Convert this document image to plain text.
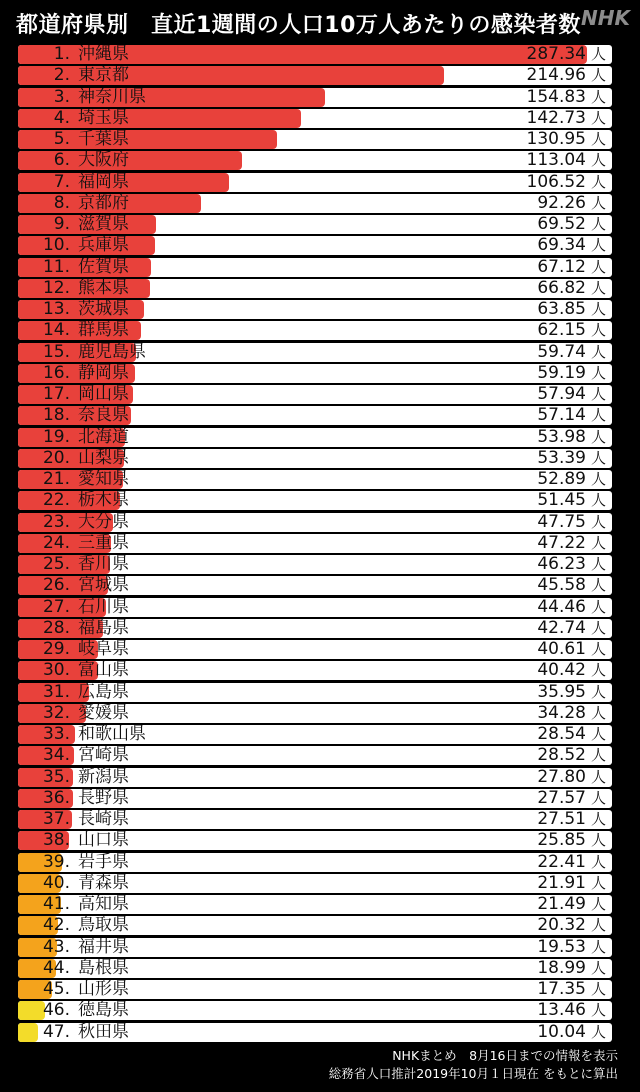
都道府県別　直近1週間の人口10万人あたりの感染者数 NHK
1. 沖縄県	287.34 人
2. 東京都	214.96 人
3. 神奈川県	154.83 人
4. 埼玉県	142.73 人
5. 千葉県	130.95 人
6. 大阪府	113.04 人
7. 福岡県	106.52 人
8. 京都府	92.26 人
9. 滋賀県	69.52 人
10. 兵庫県	69.34 人
11. 佐賀県	67.12 人
12. 熊本県	66.82 人
13. 茨城県	63.85 人
14. 群馬県	62.15 人
15. 鹿児島県	59.74 人
16. 静岡県	59.19 人
17. 岡山県	57.94 人
18. 奈良県	57.14 人
19. 北海道	53.98 人
20. 山梨県	53.39 人
21. 愛知県	52.89 人
22. 栃木県	51.45 人
23. 大分県	47.75 人
24. 三重県	47.22 人
25. 香川県	46.23 人
26. 宮城県	45.58 人
27. 石川県	44.46 人
28. 福島県	42.74 人
29. 岐阜県	40.61 人
30. 富山県	40.42 人
31. 広島県	35.95 人
32. 愛媛県	34.28 人
33. 和歌山県	28.54 人
34. 宮崎県	28.52 人
35. 新潟県	27.80 人
36. 長野県	27.57 人
37. 長崎県	27.51 人
38. 山口県	25.85 人
39. 岩手県	22.41 人
40. 青森県	21.91 人
41. 高知県	21.49 人
42. 鳥取県	20.32 人
43. 福井県	19.53 人
44. 島根県	18.99 人
45. 山形県	17.35 人
46. 徳島県	13.46 人
47. 秋田県	10.04 人
NHKまとめ　8月16日までの情報を表示
総務省人口推計2019年10月１日現在 をもとに算出
